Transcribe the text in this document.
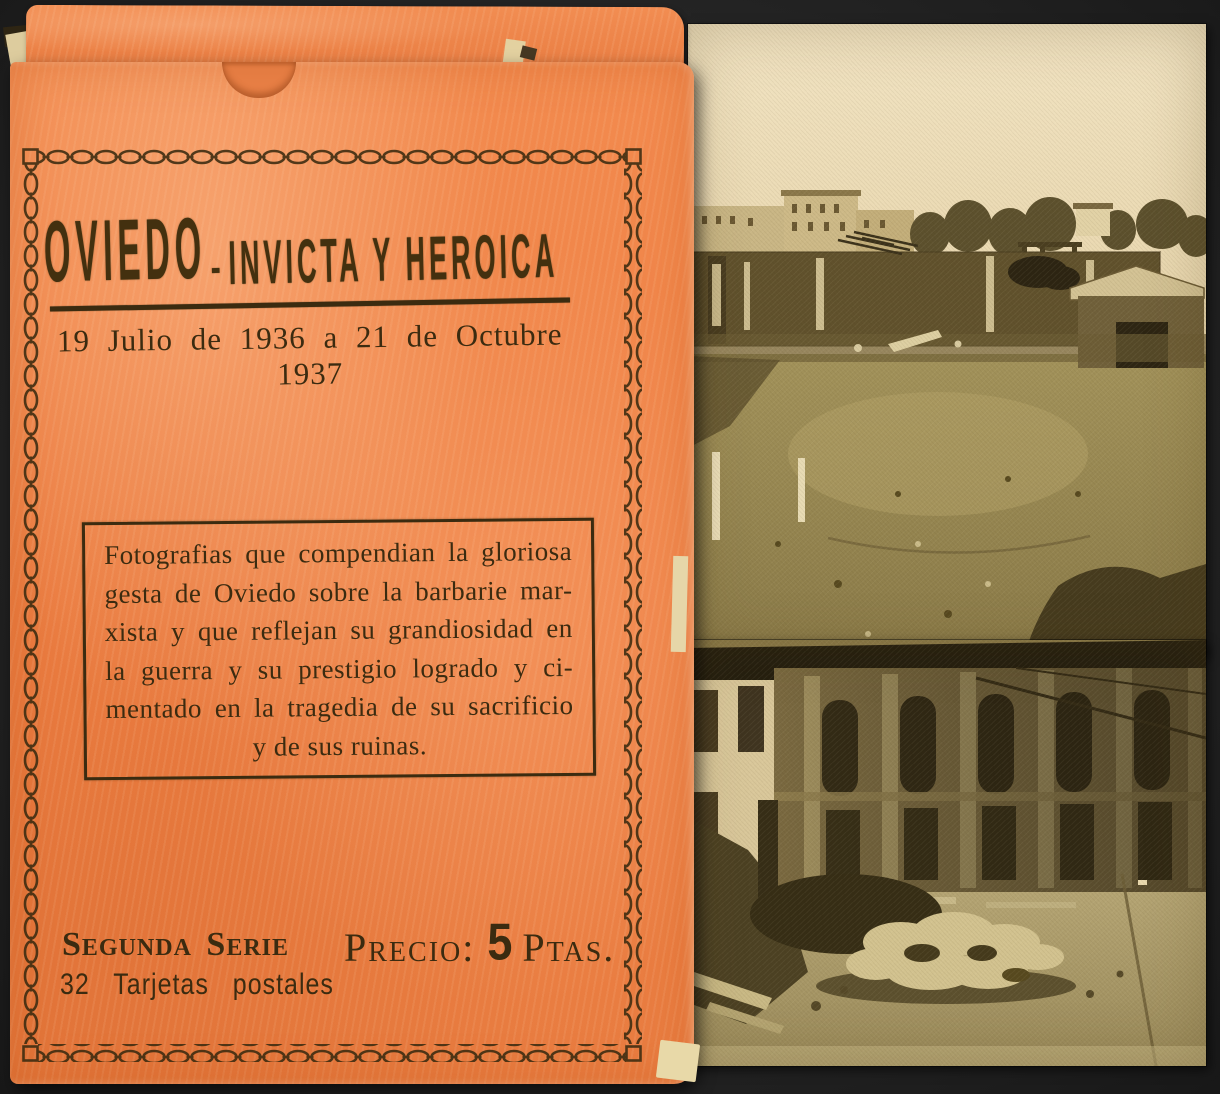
OVIEDO - INVICTA Y HEROICA
19 Julio de 1936 a 21 de Octubre 1937
Fotografias que compendian la gloriosa
gesta de Oviedo sobre la barbarie mar-
xista y que reflejan su grandiosidad en
la guerra y su prestigio logrado y ci-
mentado en la tragedia de su sacrificio
y de sus ruinas.
Segunda Serie
32 Tarjetas postales
Precio: 5 Ptas.
